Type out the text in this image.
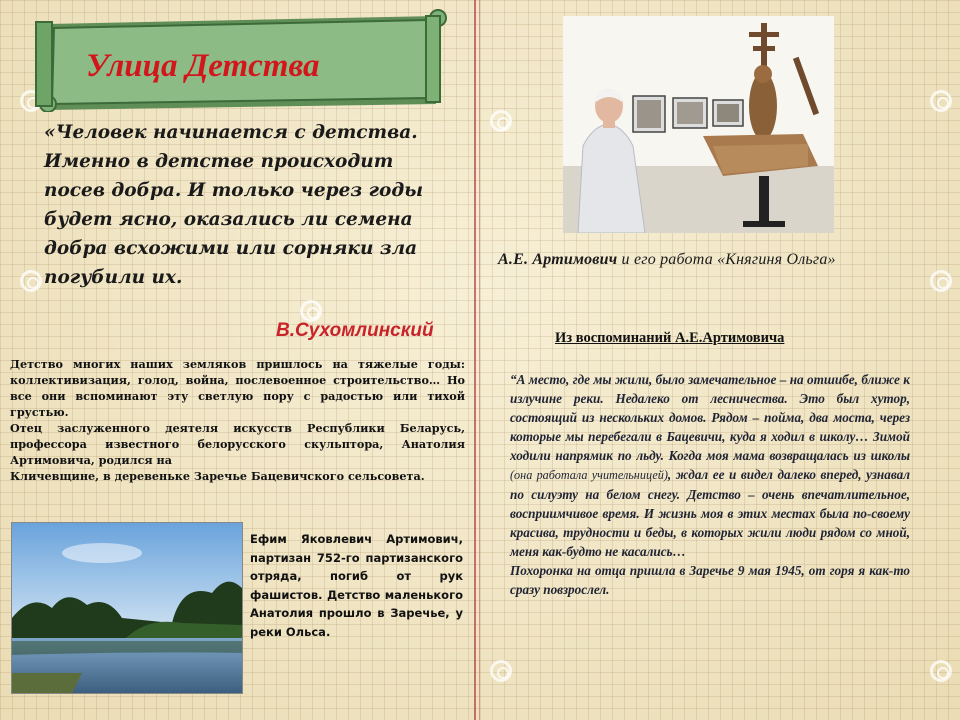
Улица Детства
«Человек начинается с детства.
Именно в детстве происходит
посев добра. И только через годы
будет ясно, оказались ли семена
добра всхожими или сорняки зла
погубили их.
В.Сухомлинский

Детство многих наших земляков пришлось на тяжелые годы: коллективизация, голод, война, послевоенное строительство… Но все они вспоминают эту светлую пору с радостью или тихой грустью.

Отец заслуженного деятеля искусств Республики Беларусь, профессора известного белорусского скульптора, Анатолия Артимовича, родился на

Кличевщине, в деревеньке Заречье Бацевичского сельсовета.

Ефим Яковлевич Артимович, партизан 752-го партизанского отряда, погиб от рук фашистов. Детство маленького Анатолия прошло в Заречье, у реки Ольса.
А.Е. Артимович и его работа «Княгиня Ольга»
Из воспоминаний А.Е.Артимовича

“А место, где мы жили, было замечательное – на отшибе, ближе к излучине реки. Недалеко от лесничества. Это был хутор, состоящий из нескольких домов. Рядом – пойма, два моста, через которые мы перебегали в Бацевичи, куда я ходил в школу… Зимой ходили напрямик по льду. Когда моя мама возвращалась из школы (она работала учительницей), ждал ее и видел далеко вперед, узнавал по силуэту на белом снегу. Детство – очень впечатлительное, восприимчивое время. И жизнь моя в этих местах была по-своему красива, трудности и беды, в которых жили люди рядом со мной, меня как-будто не касались…

Похоронка на отца пришла в Заречье 9 мая 1945, от горя я как-то сразу повзрослел.
